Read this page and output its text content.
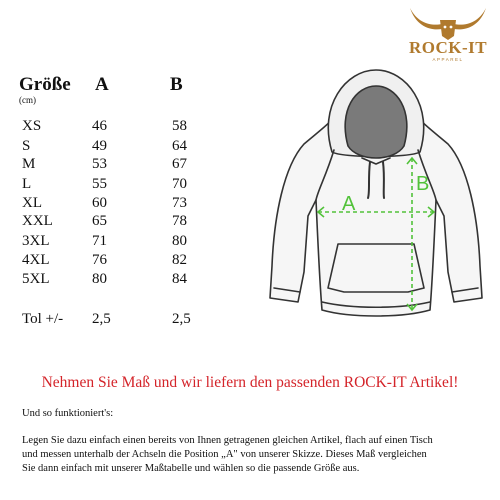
ROCK-IT
APPAREL
Größe A	B
(cm)
XS	46	58
S	49	64
M	53	67
L	55	70
XL	60	73
XXL	65	78
3XL	71	80
4XL	76	82
5XL	80	84
Tol +/- 2,5	2,5
A
B
Nehmen Sie Maß und wir liefern den passenden ROCK-IT Artikel!
Und so funktioniert's:
Legen Sie dazu einfach einen bereits von Ihnen getragenen gleichen Artikel, flach auf einen Tisch
und messen unterhalb der Achseln die Position „A" von unserer Skizze. Dieses Maß vergleichen
Sie dann einfach mit unserer Maßtabelle und wählen so die passende Größe aus.
